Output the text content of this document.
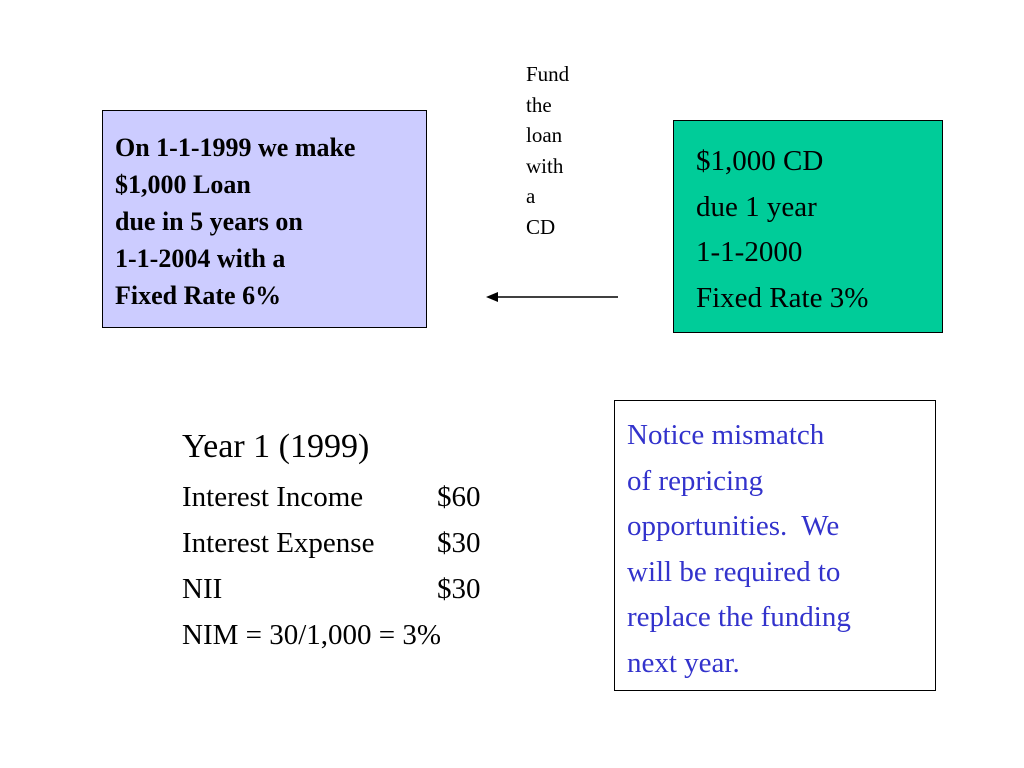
On 1-1-1999 we make
$1,000 Loan
due in 5 years on
1-1-2004 with a
Fixed Rate 6%
Fund
the
loan
with
a
CD
$1,000 CD
due 1 year
1-1-2000
Fixed Rate 3%
Year 1 (1999)
Interest Income	$60
Interest Expense	$30
NII	$30
NIM = 30/1,000 = 3%
Notice mismatch
of repricing
opportunities.  We
will be required to
replace the funding
next year.
